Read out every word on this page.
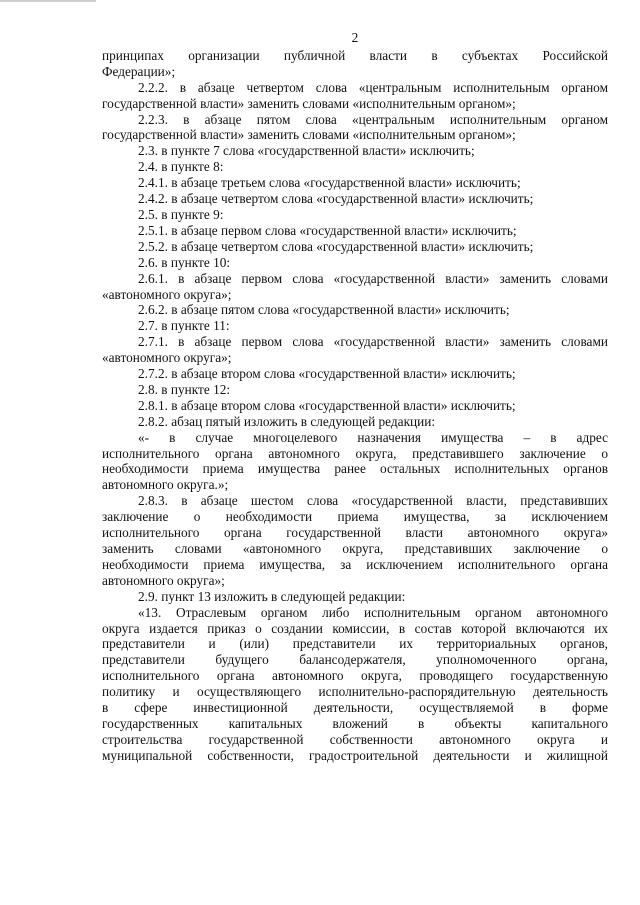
2
принципах организации публичной власти в субъектах Российской
Федерации»;
2.2.2. в абзаце четвертом слова «центральным исполнительным органом
государственной власти» заменить словами «исполнительным органом»;
2.2.3. в абзаце пятом слова «центральным исполнительным органом
государственной власти» заменить словами «исполнительным органом»;
2.3. в пункте 7 слова «государственной власти» исключить;
2.4. в пункте 8:
2.4.1. в абзаце третьем слова «государственной власти» исключить;
2.4.2. в абзаце четвертом слова «государственной власти» исключить;
2.5. в пункте 9:
2.5.1. в абзаце первом слова «государственной власти» исключить;
2.5.2. в абзаце четвертом слова «государственной власти» исключить;
2.6. в пункте 10:
2.6.1. в абзаце первом слова «государственной власти» заменить словами
«автономного округа»;
2.6.2. в абзаце пятом слова «государственной власти» исключить;
2.7. в пункте 11:
2.7.1. в абзаце первом слова «государственной власти» заменить словами
«автономного округа»;
2.7.2. в абзаце втором слова «государственной власти» исключить;
2.8. в пункте 12:
2.8.1. в абзаце втором слова «государственной власти» исключить;
2.8.2. абзац пятый изложить в следующей редакции:
«- в случае многоцелевого назначения имущества – в адрес
исполнительного органа автономного округа, представившего заключение о
необходимости приема имущества ранее остальных исполнительных органов
автономного округа.»;
2.8.3. в абзаце шестом слова «государственной власти, представивших
заключение о необходимости приема имущества, за исключением
исполнительного органа государственной власти автономного округа»
заменить словами «автономного округа, представивших заключение о
необходимости приема имущества, за исключением исполнительного органа
автономного округа»;
2.9. пункт 13 изложить в следующей редакции:
«13. Отраслевым органом либо исполнительным органом автономного
округа издается приказ о создании комиссии, в состав которой включаются их
представители и (или) представители их территориальных органов,
представители будущего балансодержателя, уполномоченного органа,
исполнительного органа автономного округа, проводящего государственную
политику и осуществляющего исполнительно-распорядительную деятельность
в сфере инвестиционной деятельности, осуществляемой в форме
государственных капитальных вложений в объекты капитального
строительства государственной собственности автономного округа и
муниципальной собственности, градостроительной деятельности и жилищной
